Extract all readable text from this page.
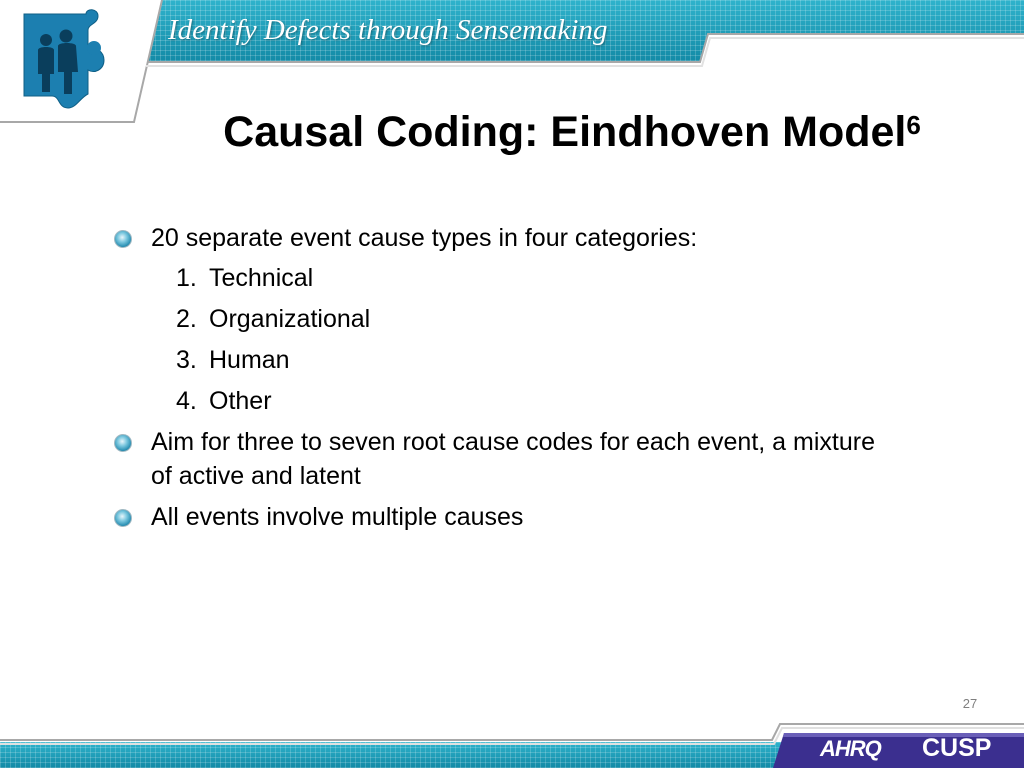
Identify Defects through Sensemaking
Causal Coding: Eindhoven Model$^6$
20 separate event cause types in four categories:
1. Technical
2. Organizational
3. Human
4. Other
Aim for three to seven root cause codes for each event, a mixture of active and latent
All events involve multiple causes
27
AHRQ CUSP
